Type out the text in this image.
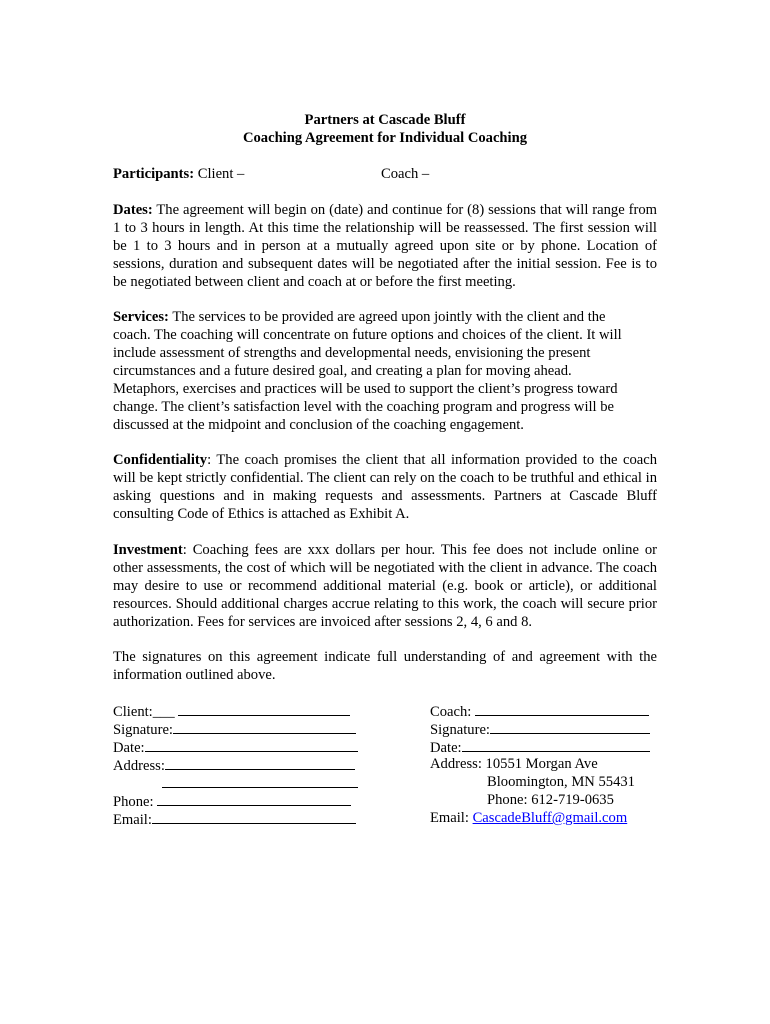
Partners at Cascade Bluff
Coaching Agreement for Individual Coaching
Participants: Client –	Coach –

Dates: The agreement will begin on (date) and continue for (8) sessions that will range from 1 to 3 hours in length. At this time the relationship will be reassessed. The first session will be 1 to 3 hours and in person at a mutually agreed upon site or by phone. Location of sessions, duration and subsequent dates will be negotiated after the initial session. Fee is to be negotiated between client and coach at or before the first meeting.

Services: The services to be provided are agreed upon jointly with the client and the
coach. The coaching will concentrate on future options and choices of the client. It will
include assessment of strengths and developmental needs, envisioning the present
circumstances and a future desired goal, and creating a plan for moving ahead.
Metaphors, exercises and practices will be used to support the client’s progress toward
change. The client’s satisfaction level with the coaching program and progress will be
discussed at the midpoint and conclusion of the coaching engagement.

Confidentiality: The coach promises the client that all information provided to the coach will be kept strictly confidential. The client can rely on the coach to be truthful and ethical in asking questions and in making requests and assessments. Partners at Cascade Bluff consulting Code of Ethics is attached as Exhibit A.

Investment: Coaching fees are xxx dollars per hour. This fee does not include online or other assessments, the cost of which will be negotiated with the client in advance. The coach may desire to use or recommend additional material (e.g. book or article), or additional resources. Should additional charges accrue relating to this work, the coach will secure prior authorization. Fees for services are invoiced after sessions 2, 4, 6 and 8.

The signatures on this agreement indicate full understanding of and agreement with the information outlined above.

Client:___
Signature:
Date:
Address:
Phone:
Email:
Coach:
Signature:
Date:
Address: 10551 Morgan Ave
Bloomington, MN 55431
Phone: 612-719-0635
Email: CascadeBluff@gmail.com
